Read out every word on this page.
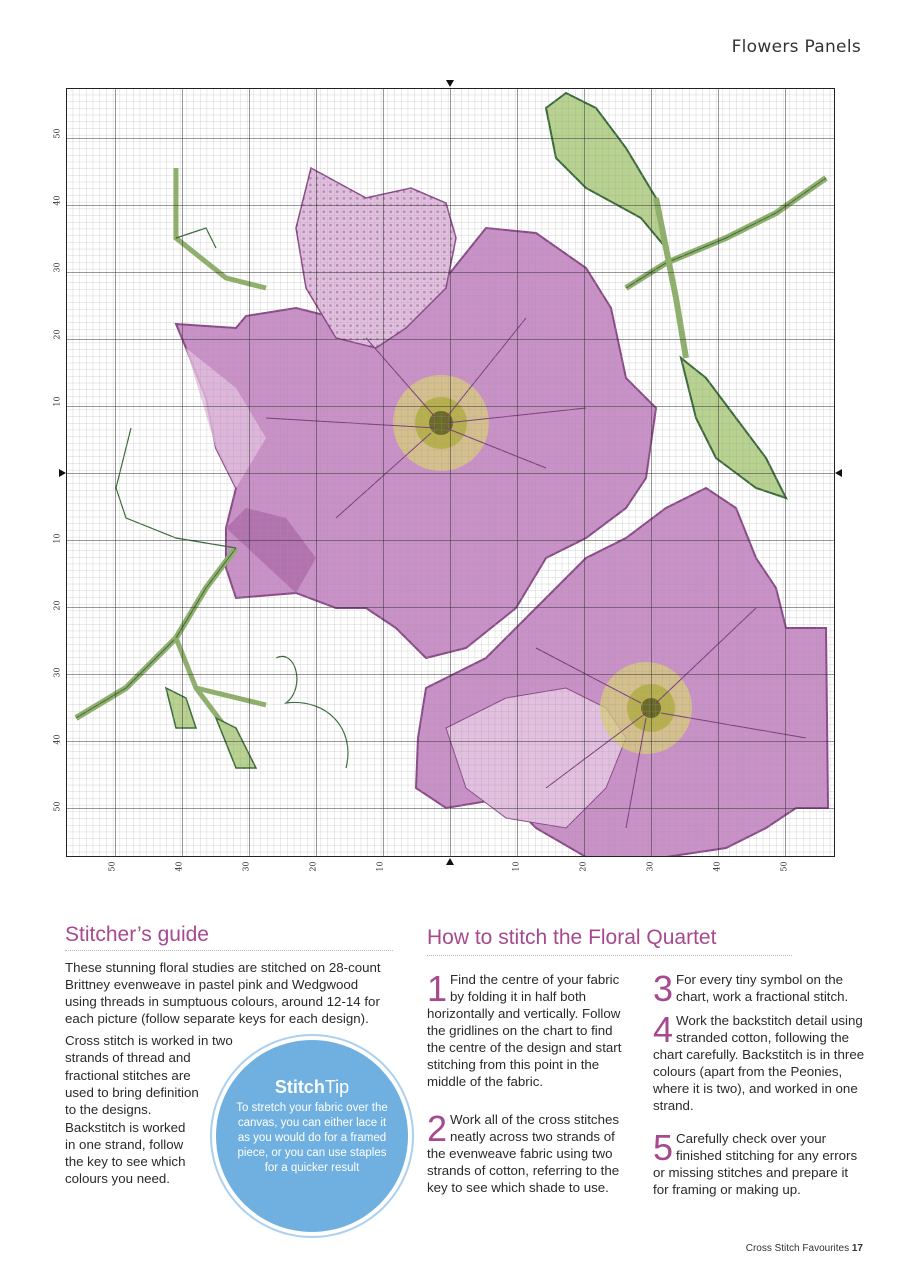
Flowers Panels
50
40
30
20
10
10
20
30
40
50
50	40	30	20	10	10	20	30	40	50
Stitcher’s guide

These stunning floral studies are stitched on 28-count Brittney evenweave in pastel pink and Wedgwood using threads in sumptuous colours, around 12-14 for each picture (follow separate keys for each design).

Cross stitch is worked in two
strands of thread and
fractional stitches are
used to bring definition
to the designs.
Backstitch is worked
in one strand, follow
the key to see which
colours you need.
StitchTip
To stretch your fabric over the canvas, you can either lace it as you would do for a framed piece, or you can use staples for a quicker result
How to stitch the Floral Quartet
1 Find the centre of your fabric by folding it in half both horizontally and vertically. Follow the gridlines on the chart to find the centre of the design and start stitching from this point in the middle of the fabric.
2 Work all of the cross stitches neatly across two strands of the evenweave fabric using two strands of cotton, referring to the key to see which shade to use.
3 For every tiny symbol on the chart, work a fractional stitch.
4 Work the backstitch detail using stranded cotton, following the chart carefully. Backstitch is in three colours (apart from the Peonies, where it is two), and worked in one strand.
5 Carefully check over your finished stitching for any errors or missing stitches and prepare it for framing or making up.
Cross Stitch Favourites 17
